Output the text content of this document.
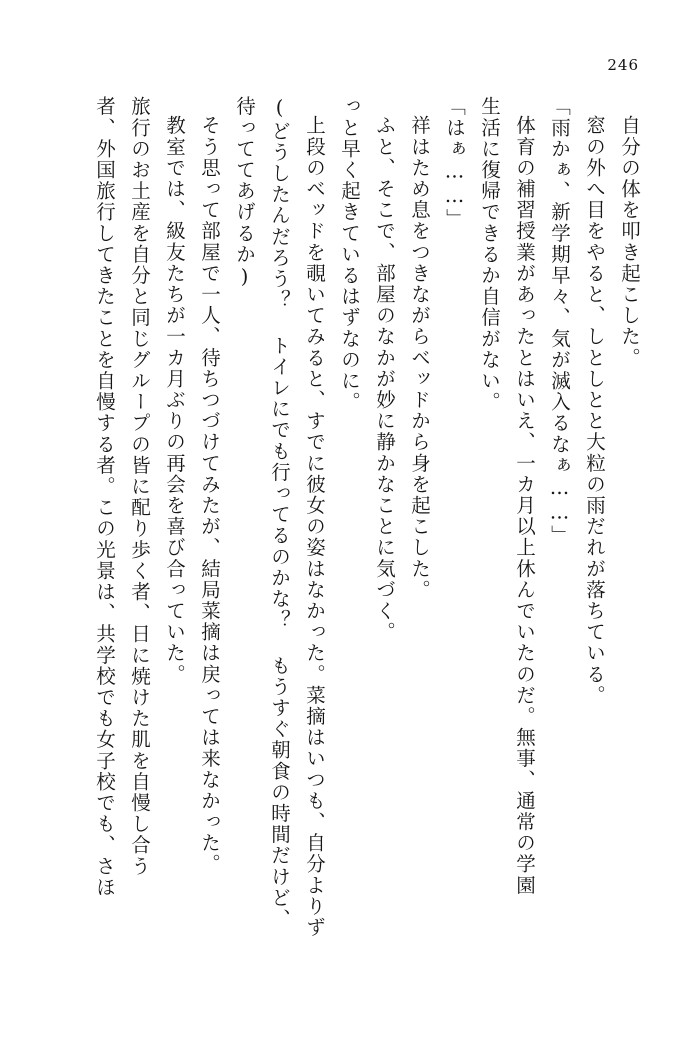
246
自分の体を叩き起こした。
窓の外へ目をやると、しとしとと大粒の雨だれが落ちている。
「雨かぁ、新学期早々、気が滅入るなぁ……」
体育の補習授業があったとはいえ、一カ月以上休んでいたのだ。無事、通常の学園
生活に復帰できるか自信がない。
「はぁ……」
祥はため息をつきながらベッドから身を起こした。
ふと、そこで、部屋のなかが妙に静かなことに気づく。
っと早く起きているはずなのに。
上段のベッドを覗いてみると、すでに彼女の姿はなかった。菜摘はいつも、自分よりず
(どうしたんだろう？ トイレにでも行ってるのかな？ もうすぐ朝食の時間だけど、
待っててあげるか)
そう思って部屋で一人、待ちつづけてみたが、結局菜摘は戻っては来なかった。
教室では、級友たちが一カ月ぶりの再会を喜び合っていた。
旅行のお土産を自分と同じグループの皆に配り歩く者、日に焼けた肌を自慢し合う
者、外国旅行してきたことを自慢する者。この光景は、共学校でも女子校でも、さほ
